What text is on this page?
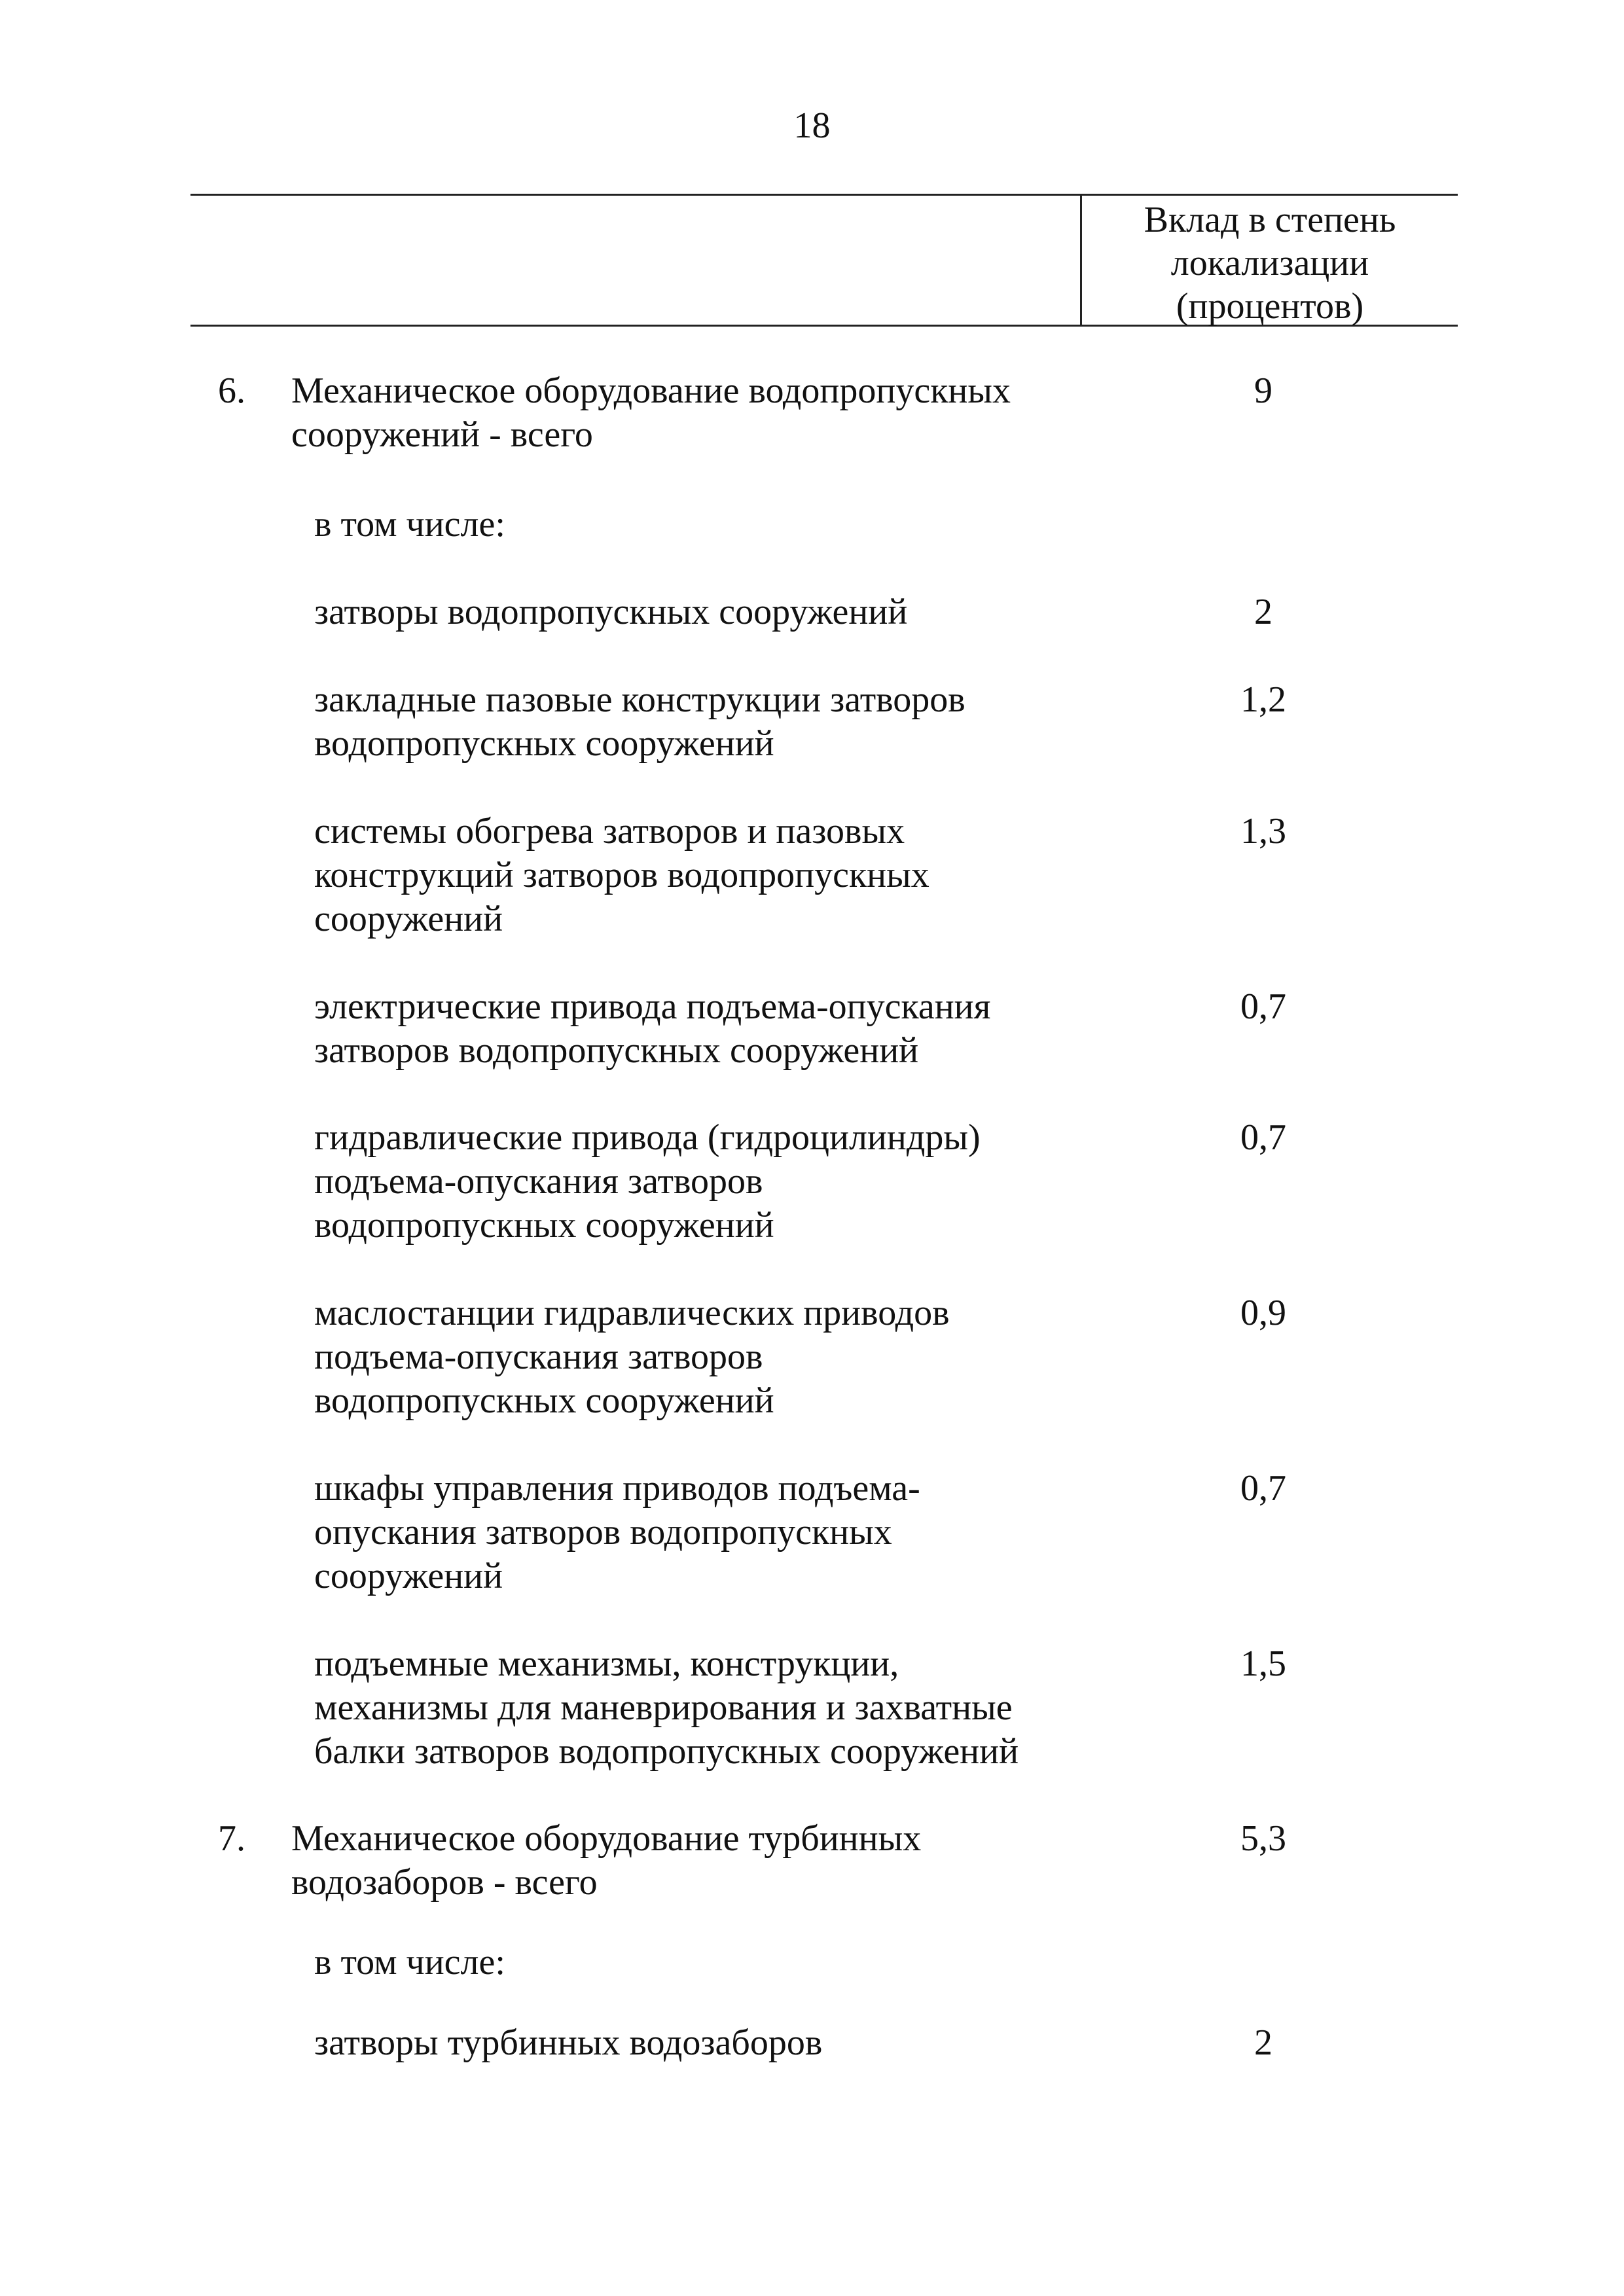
18
Вклад в степень
локализации
(процентов)
6. Механическое оборудование водопропускных
сооружений - всего
9
в том числе:
затворы водопропускных сооружений	2
закладные пазовые конструкции затворов
водопропускных сооружений
1,2
системы обогрева затворов и пазовых
конструкций затворов водопропускных
сооружений
1,3
электрические привода подъема-опускания
затворов водопропускных сооружений
0,7
гидравлические привода (гидроцилиндры)
подъема-опускания затворов
водопропускных сооружений
0,7
маслостанции гидравлических приводов
подъема-опускания затворов
водопропускных сооружений
0,9
шкафы управления приводов подъема-
опускания затворов водопропускных
сооружений
0,7
подъемные механизмы, конструкции,
механизмы для маневрирования и захватные
балки затворов водопропускных сооружений
1,5
7. Механическое оборудование турбинных
водозаборов - всего
5,3
в том числе:
затворы турбинных водозаборов	2
